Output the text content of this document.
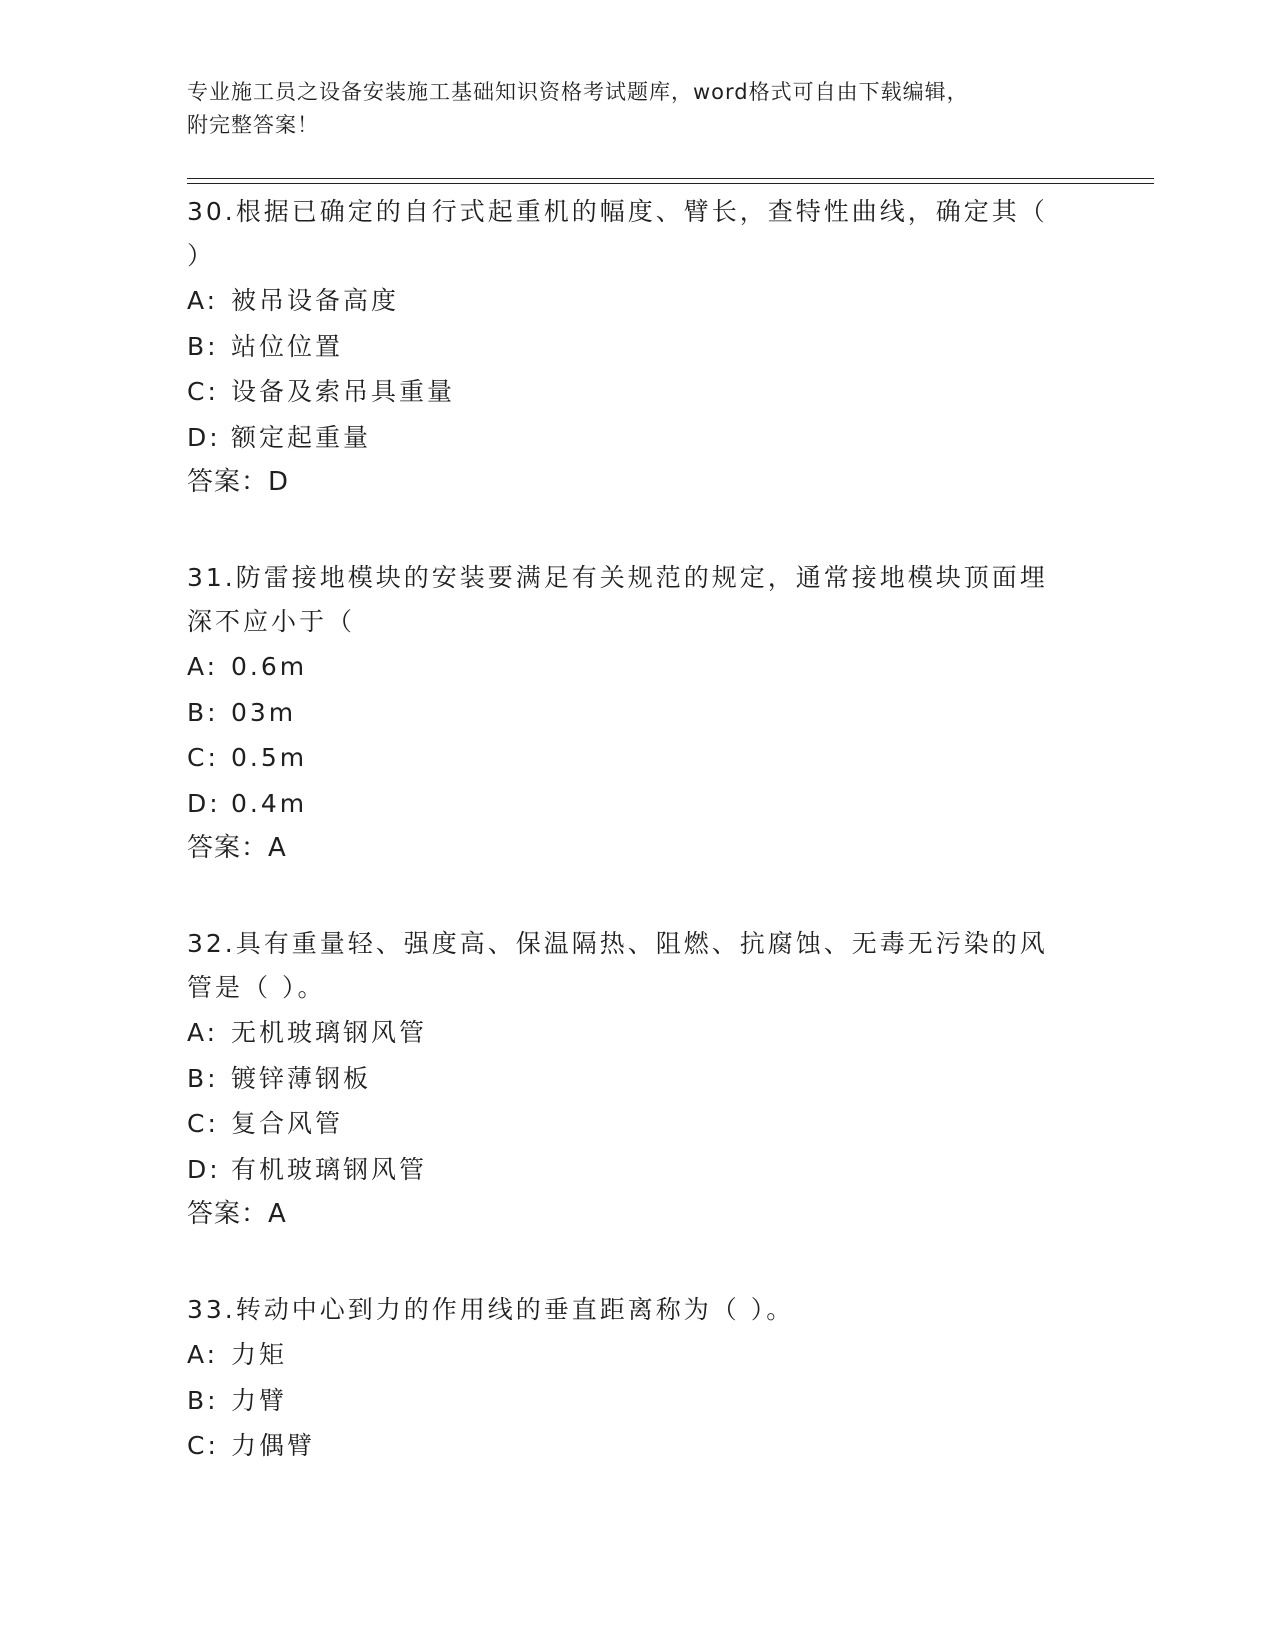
专业施工员之设备安装施工基础知识资格考试题库，word格式可自由下载编辑，
附完整答案！

30.根据已确定的自行式起重机的幅度、臂长，查特性曲线，确定其（

）

A: 被吊设备高度

B: 站位位置

C: 设备及索吊具重量

D: 额定起重量

答案：D

31.防雷接地模块的安装要满足有关规范的规定，通常接地模块顶面埋

深不应小于（

A: 0.6m

B: 03m

C: 0.5m

D: 0.4m

答案：A

32.具有重量轻、强度高、保温隔热、阻燃、抗腐蚀、无毒无污染的风

管是（ ）。

A: 无机玻璃钢风管

B: 镀锌薄钢板

C: 复合风管

D: 有机玻璃钢风管

答案：A

33.转动中心到力的作用线的垂直距离称为（ ）。

A: 力矩

B: 力臂

C: 力偶臂
